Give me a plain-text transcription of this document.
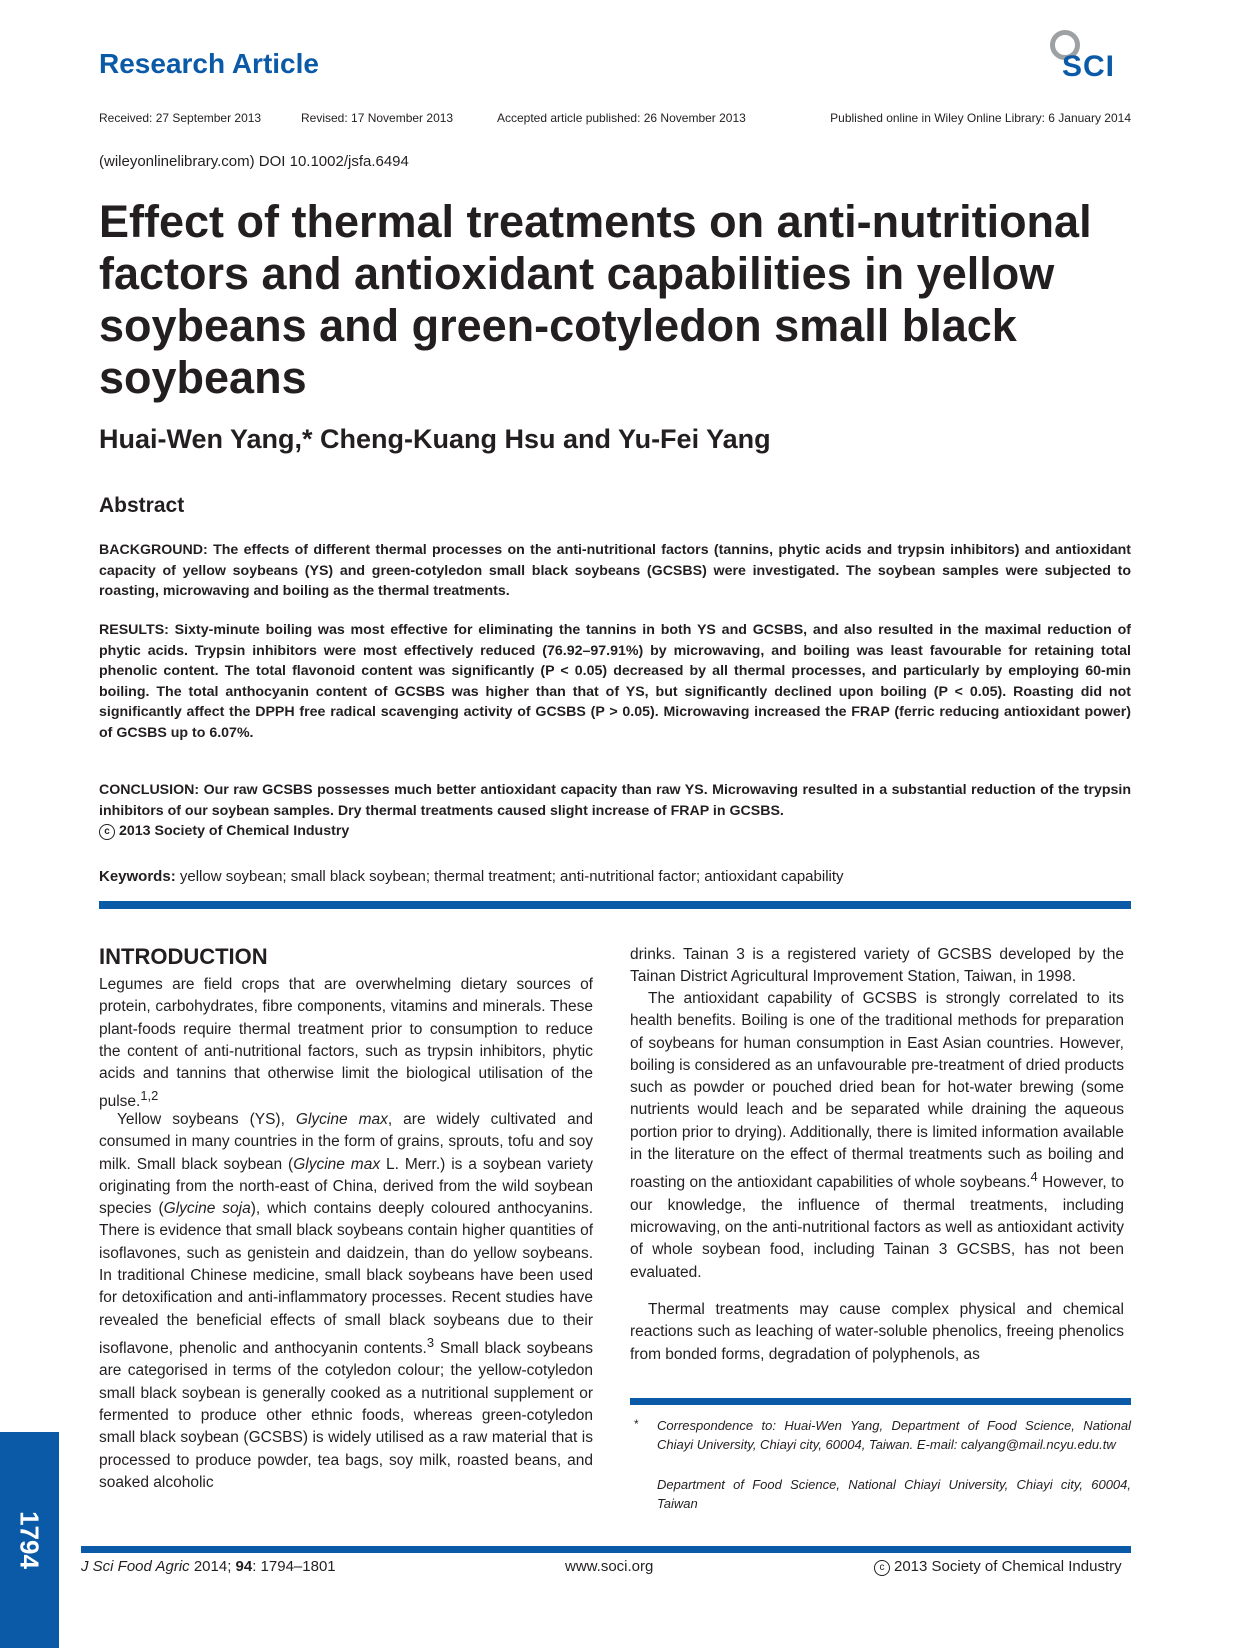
Research Article	SCI
Received: 27 September 2013	Revised: 17 November 2013	Accepted article published: 26 November 2013	Published online in Wiley Online Library: 6 January 2014
(wileyonlinelibrary.com) DOI 10.1002/jsfa.6494
Effect of thermal treatments on anti-nutritional factors and antioxidant capabilities in yellow soybeans and green-cotyledon small black soybeans
Huai-Wen Yang,* Cheng-Kuang Hsu and Yu-Fei Yang
Abstract

BACKGROUND: The effects of different thermal processes on the anti-nutritional factors (tannins, phytic acids and trypsin inhibitors) and antioxidant capacity of yellow soybeans (YS) and green-cotyledon small black soybeans (GCSBS) were investigated. The soybean samples were subjected to roasting, microwaving and boiling as the thermal treatments.

RESULTS: Sixty-minute boiling was most effective for eliminating the tannins in both YS and GCSBS, and also resulted in the maximal reduction of phytic acids. Trypsin inhibitors were most effectively reduced (76.92–97.91%) by microwaving, and boiling was least favourable for retaining total phenolic content. The total flavonoid content was significantly (P < 0.05) decreased by all thermal processes, and particularly by employing 60-min boiling. The total anthocyanin content of GCSBS was higher than that of YS, but significantly declined upon boiling (P < 0.05). Roasting did not significantly affect the DPPH free radical scavenging activity of GCSBS (P > 0.05). Microwaving increased the FRAP (ferric reducing antioxidant power) of GCSBS up to 6.07%.

CONCLUSION: Our raw GCSBS possesses much better antioxidant capacity than raw YS. Microwaving resulted in a substantial reduction of the trypsin inhibitors of our soybean samples. Dry thermal treatments caused slight increase of FRAP in GCSBS.
c 2013 Society of Chemical Industry

Keywords: yellow soybean; small black soybean; thermal treatment; anti-nutritional factor; antioxidant capability
INTRODUCTION

Legumes are field crops that are overwhelming dietary sources of protein, carbohydrates, fibre components, vitamins and minerals. These plant-foods require thermal treatment prior to consumption to reduce the content of anti-nutritional factors, such as trypsin inhibitors, phytic acids and tannins that otherwise limit the biological utilisation of the pulse.$^{1,2}$

Yellow soybeans (YS), Glycine max, are widely cultivated and consumed in many countries in the form of grains, sprouts, tofu and soy milk. Small black soybean (Glycine max L. Merr.) is a soybean variety originating from the north-east of China, derived from the wild soybean species (Glycine soja), which contains deeply coloured anthocyanins. There is evidence that small black soybeans contain higher quantities of isoflavones, such as genistein and daidzein, than do yellow soybeans. In traditional Chinese medicine, small black soybeans have been used for detoxification and anti-inflammatory processes. Recent studies have revealed the beneficial effects of small black soybeans due to their isoflavone, phenolic and anthocyanin contents.$^3$ Small black soybeans are categorised in terms of the cotyledon colour; the yellow-cotyledon small black soybean is generally cooked as a nutritional supplement or fermented to produce other ethnic foods, whereas green-cotyledon small black soybean (GCSBS) is widely utilised as a raw material that is processed to produce powder, tea bags, soy milk, roasted beans, and soaked alcoholic

drinks. Tainan 3 is a registered variety of GCSBS developed by the Tainan District Agricultural Improvement Station, Taiwan, in 1998.

The antioxidant capability of GCSBS is strongly correlated to its health benefits. Boiling is one of the traditional methods for preparation of soybeans for human consumption in East Asian countries. However, boiling is considered as an unfavourable pre-treatment of dried products such as powder or pouched dried bean for hot-water brewing (some nutrients would leach and be separated while draining the aqueous portion prior to drying). Additionally, there is limited information available in the literature on the effect of thermal treatments such as boiling and roasting on the antioxidant capabilities of whole soybeans.$^4$ However, to our knowledge, the influence of thermal treatments, including microwaving, on the anti-nutritional factors as well as antioxidant activity of whole soybean food, including Tainan 3 GCSBS, has not been evaluated.

Thermal treatments may cause complex physical and chemical reactions such as leaching of water-soluble phenolics, freeing phenolics from bonded forms, degradation of polyphenols, as

* Correspondence to: Huai-Wen Yang, Department of Food Science, National Chiayi University, Chiayi city, 60004, Taiwan. E-mail: calyang@mail.ncyu.edu.tw

Department of Food Science, National Chiayi University, Chiayi city, 60004, Taiwan

J Sci Food Agric 2014; 94: 1794–1801	www.soci.org	c 2013 Society of Chemical Industry
1794
